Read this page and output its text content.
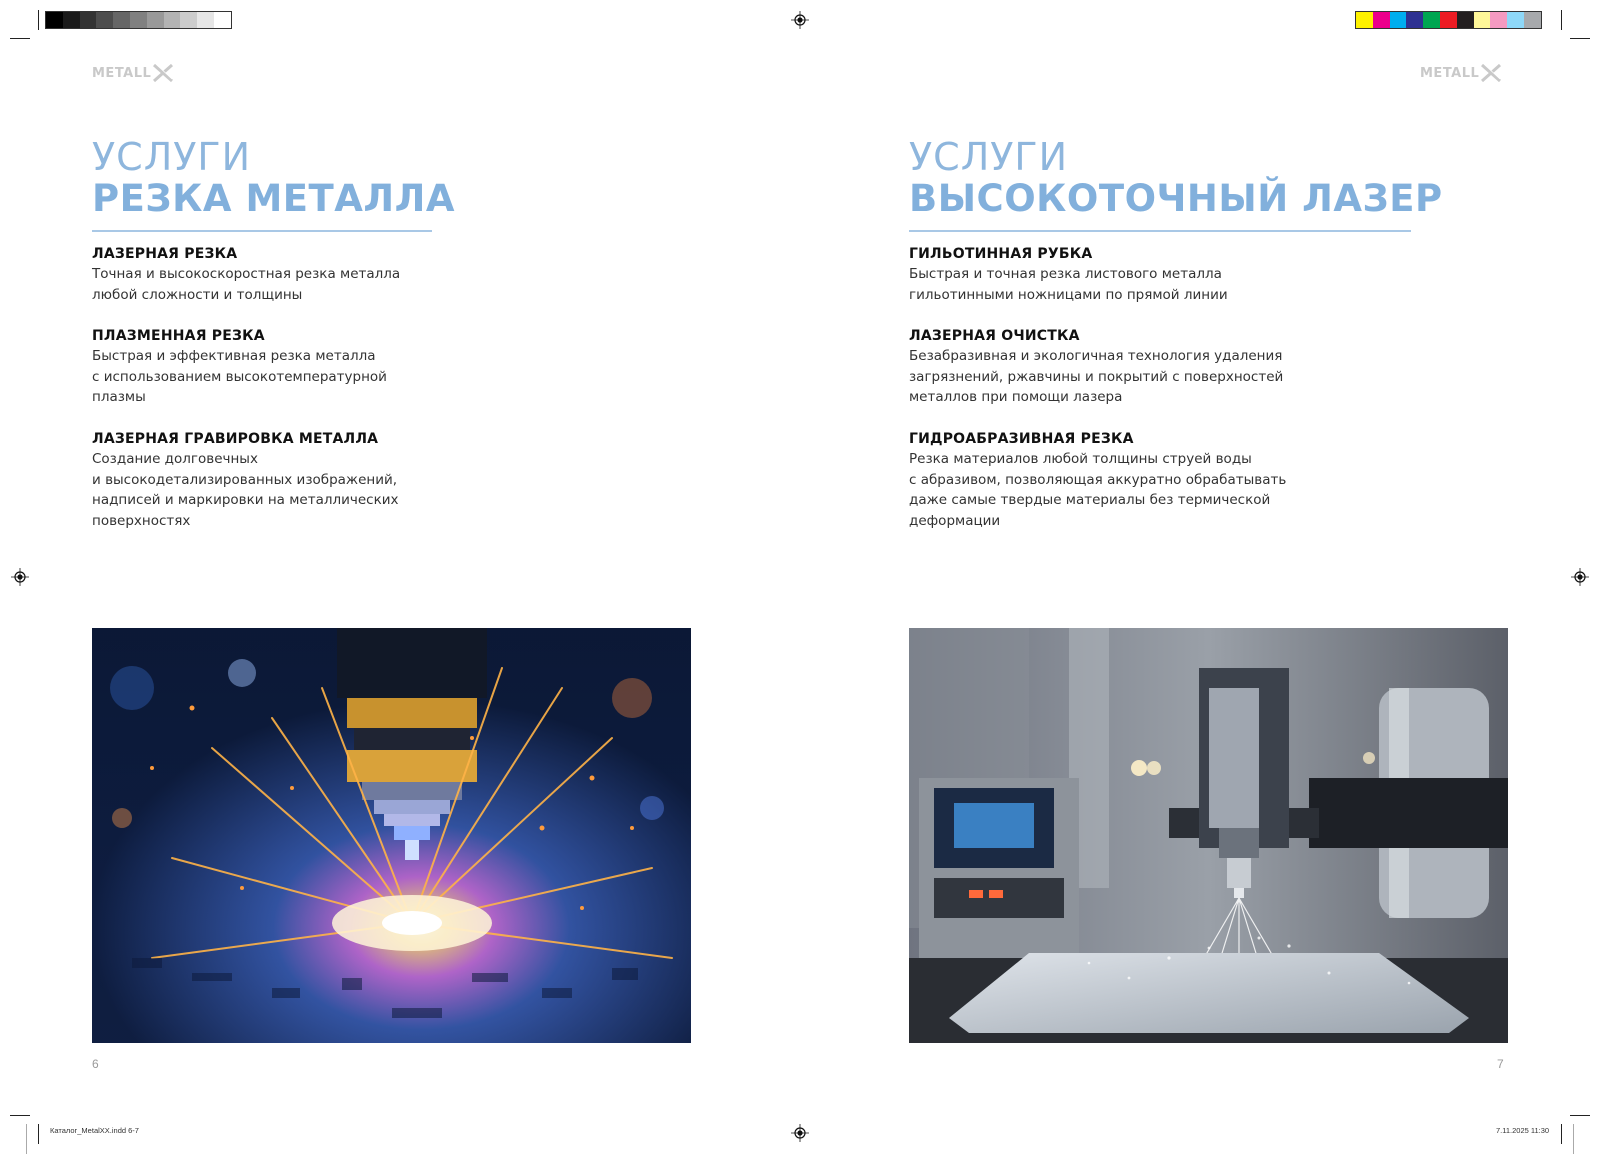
METALL	METALL
УСЛУГИ
РЕЗКА МЕТАЛЛА
ЛАЗЕРНАЯ РЕЗКА

Точная и высокоскоростная резка металла
любой сложности и толщины

ПЛАЗМЕННАЯ РЕЗКА

Быстрая и эффективная резка металла
с использованием высокотемпературной
плазмы

ЛАЗЕРНАЯ ГРАВИРОВКА МЕТАЛЛА

Создание долговечных
и высокодетализированных изображений,
надписей и маркировки на металлических
поверхностях

6
УСЛУГИ
ВЫСОКОТОЧНЫЙ ЛАЗЕР
ГИЛЬОТИННАЯ РУБКА

Быстрая и точная резка листового металла
гильотинными ножницами по прямой линии

ЛАЗЕРНАЯ ОЧИСТКА

Безабразивная и экологичная технология удаления
загрязнений, ржавчины и покрытий с поверхностей
металлов при помощи лазера

ГИДРОАБРАЗИВНАЯ РЕЗКА

Резка материалов любой толщины струей воды
с абразивом, позволяющая аккуратно обрабатывать
даже самые твердые материалы без термической
деформации

7
Каталог_MetalXX.indd 6-7	7.11.2025 11:30
